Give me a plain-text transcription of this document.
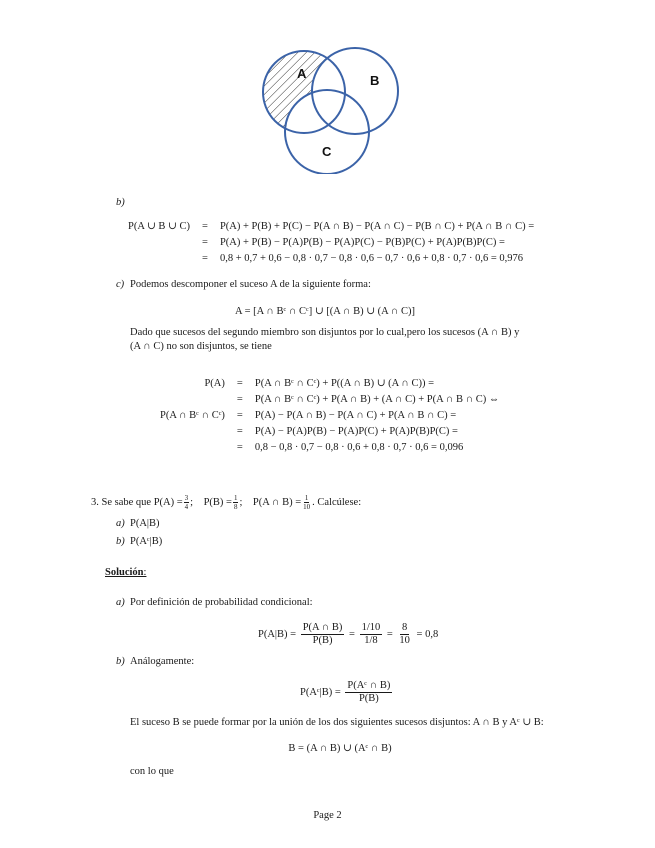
A	B
C
b)
P(A ∪ B ∪ C)	=	P(A) + P(B) + P(C) − P(A ∩ B) − P(A ∩ C) − P(B ∩ C) + P(A ∩ B ∩ C) =
	=	P(A) + P(B) − P(A)P(B) − P(A)P(C) − P(B)P(C) + P(A)P(B)P(C) =
	=	0,8 + 0,7 + 0,6 − 0,8 · 0,7 − 0,8 · 0,6 − 0,7 · 0,6 + 0,8 · 0,7 · 0,6 = 0,976
c) Podemos descomponer el suceso A de la siguiente forma:
A = [A ∩ Bᶜ ∩ Cᶜ] ∪ [(A ∩ B) ∪ (A ∩ C)]
Dado que sucesos del segundo miembro son disjuntos por lo cual,pero los sucesos (A ∩ B) y
(A ∩ C) no son disjuntos, se tiene
P(A)	=	P(A ∩ Bᶜ ∩ Cᶜ) + P((A ∩ B) ∪ (A ∩ C)) =
	=	P(A ∩ Bᶜ ∩ Cᶜ) + P(A ∩ B) + (A ∩ C) + P(A ∩ B ∩ C) ⇔
P(A ∩ Bᶜ ∩ Cᶜ)	=	P(A) − P(A ∩ B) − P(A ∩ C) + P(A ∩ B ∩ C) =
	=	P(A) − P(A)P(B) − P(A)P(C) + P(A)P(B)P(C) =
	=	0,8 − 0,8 · 0,7 − 0,8 · 0,6 + 0,8 · 0,7 · 0,6 = 0,096
3. Se sabe que $P(A) = \frac{3}{4}$ ; $P(B) = \frac{1}{8}$ ; P(A ∩ $B) = \frac{1}{10}$ . Calcúlese:
a) P(A|B)
b) P(Aᶜ|B)
Solución:
a) Por definición de probabilidad condicional:
$P(A|B) = \frac{P(A \cap B)}{P(B)} = \frac{1/10}{1/8} = \frac{8}{10} = 0,8$
b) Análogamente:
P(Aᶜ|B) = $\frac{\text{P(Aᶜ ∩ B)}}{P(B)}$
El suceso B se puede formar por la unión de los dos siguientes sucesos disjuntos: A ∩ B y Aᶜ ∪ B:
B = (A ∩ B) ∪ (Aᶜ ∩ B)
con lo que
Page 2
